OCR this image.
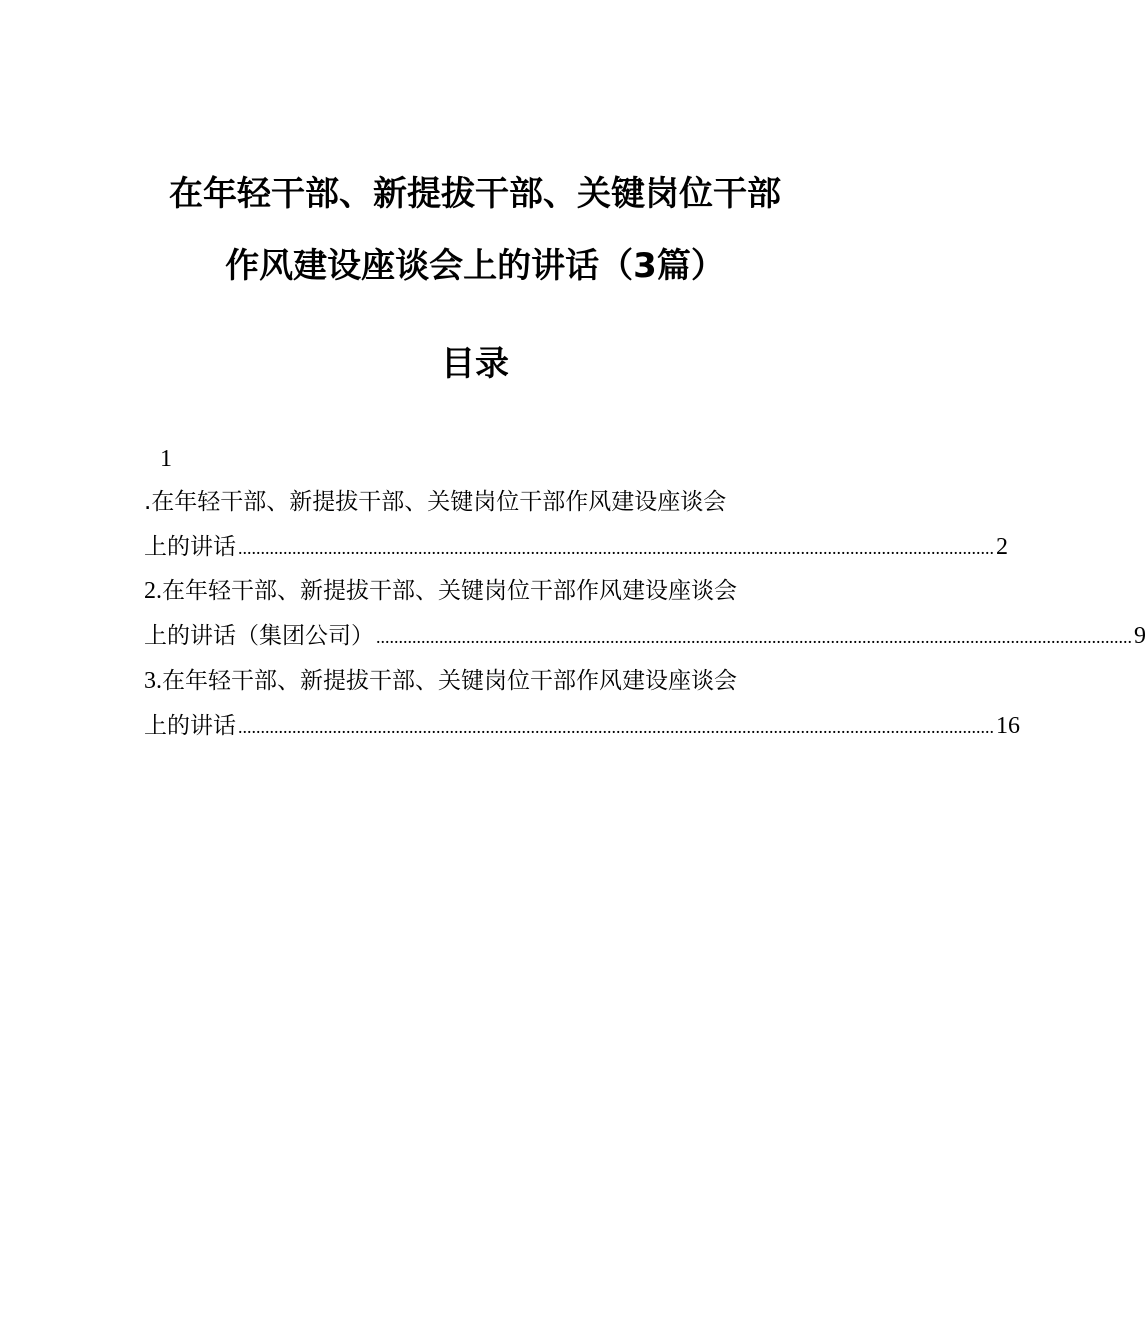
在年轻干部、新提拔干部、关键岗位干部
作风建设座谈会上的讲话（3篇）
目录
1
.在年轻干部、新提拔干部、关键岗位干部作风建设座谈会
上的讲话 ........................................................................................................................................................................ 2
2.在年轻干部、新提拔干部、关键岗位干部作风建设座谈会
上的讲话（集团公司） ........................................................................................................................................................................ 9
3.在年轻干部、新提拔干部、关键岗位干部作风建设座谈会
上的讲话 ........................................................................................................................................................................ 16
